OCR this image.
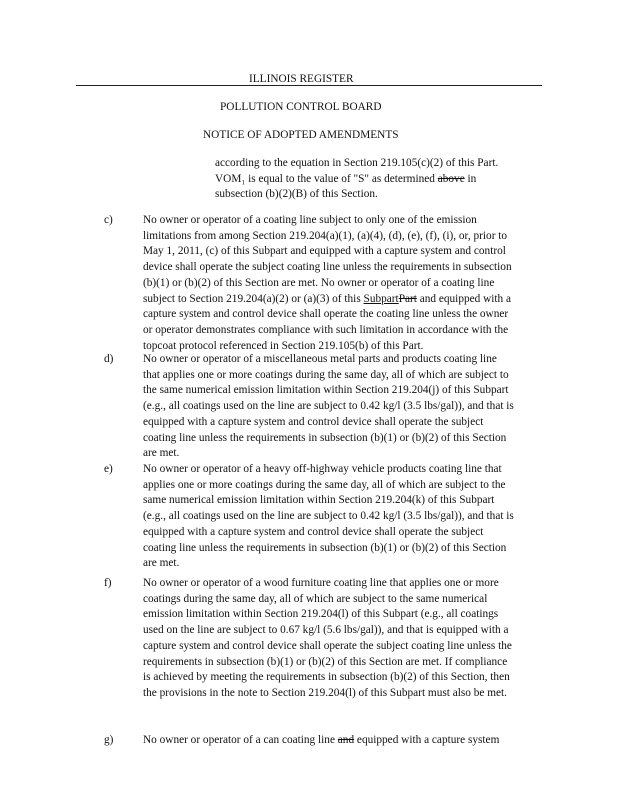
ILLINOIS REGISTER
POLLUTION CONTROL BOARD
NOTICE OF ADOPTED AMENDMENTS
according to the equation in Section 219.105(c)(2) of this Part.
VOM₁ is equal to the value of "S" as determined above in
subsection (b)(2)(B) of this Section.
c)	No owner or operator of a coating line subject to only one of the emission
limitations from among Section 219.204(a)(1), (a)(4), (d), (e), (f), (i), or, prior to
May 1, 2011, (c) of this Subpart and equipped with a capture system and control
device shall operate the subject coating line unless the requirements in subsection
(b)(1) or (b)(2) of this Section are met. No owner or operator of a coating line
subject to Section 219.204(a)(2) or (a)(3) of this SubpartPart and equipped with a
capture system and control device shall operate the coating line unless the owner
or operator demonstrates compliance with such limitation in accordance with the
topcoat protocol referenced in Section 219.105(b) of this Part.
d)	No owner or operator of a miscellaneous metal parts and products coating line
that applies one or more coatings during the same day, all of which are subject to
the same numerical emission limitation within Section 219.204(j) of this Subpart
(e.g., all coatings used on the line are subject to 0.42 kg/l (3.5 lbs/gal)), and that is
equipped with a capture system and control device shall operate the subject
coating line unless the requirements in subsection (b)(1) or (b)(2) of this Section
are met.
e)	No owner or operator of a heavy off-highway vehicle products coating line that
applies one or more coatings during the same day, all of which are subject to the
same numerical emission limitation within Section 219.204(k) of this Subpart
(e.g., all coatings used on the line are subject to 0.42 kg/l (3.5 lbs/gal)), and that is
equipped with a capture system and control device shall operate the subject
coating line unless the requirements in subsection (b)(1) or (b)(2) of this Section
are met.
f)	No owner or operator of a wood furniture coating line that applies one or more
coatings during the same day, all of which are subject to the same numerical
emission limitation within Section 219.204(l) of this Subpart (e.g., all coatings
used on the line are subject to 0.67 kg/l (5.6 lbs/gal)), and that is equipped with a
capture system and control device shall operate the subject coating line unless the
requirements in subsection (b)(1) or (b)(2) of this Section are met. If compliance
is achieved by meeting the requirements in subsection (b)(2) of this Section, then
the provisions in the note to Section 219.204(l) of this Subpart must also be met.
g)	No owner or operator of a can coating line and equipped with a capture system
